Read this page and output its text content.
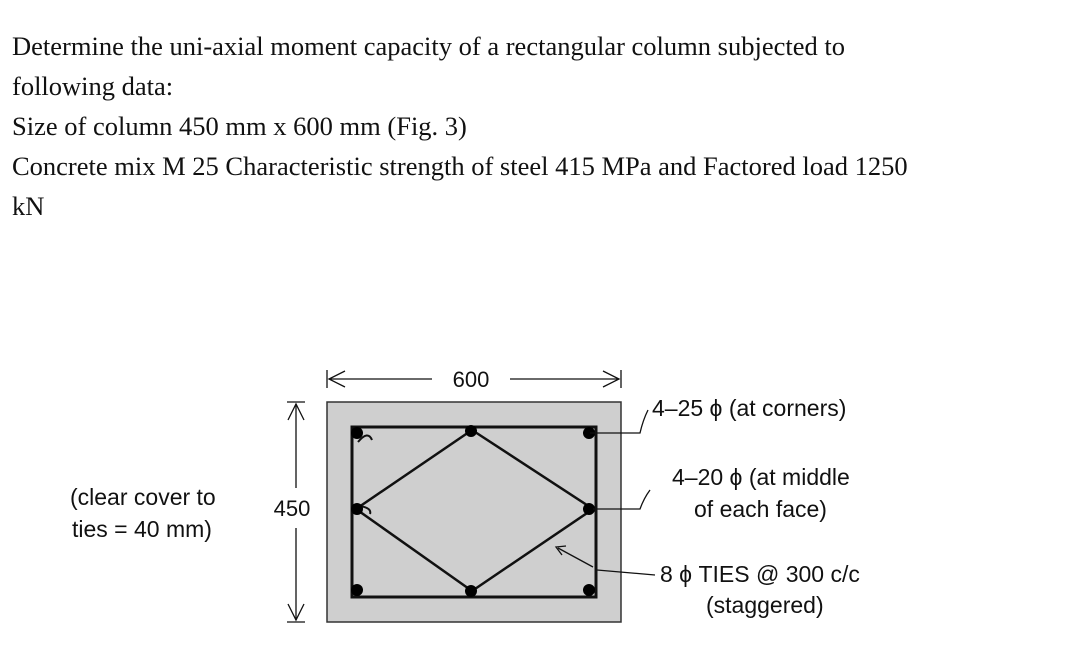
Determine the uni-axial moment capacity of a rectangular column subjected to

following data:

Size of column 450 mm x 600 mm (Fig. 3)

Concrete mix M 25 Characteristic strength of steel 415 MPa and Factored load 1250

kN

600
450
(clear cover to
ties = 40 mm)
4–25 ϕ (at corners)
4–20 ϕ (at middle
of each face)
8 ϕ TIES @ 300 c/c
(staggered)
